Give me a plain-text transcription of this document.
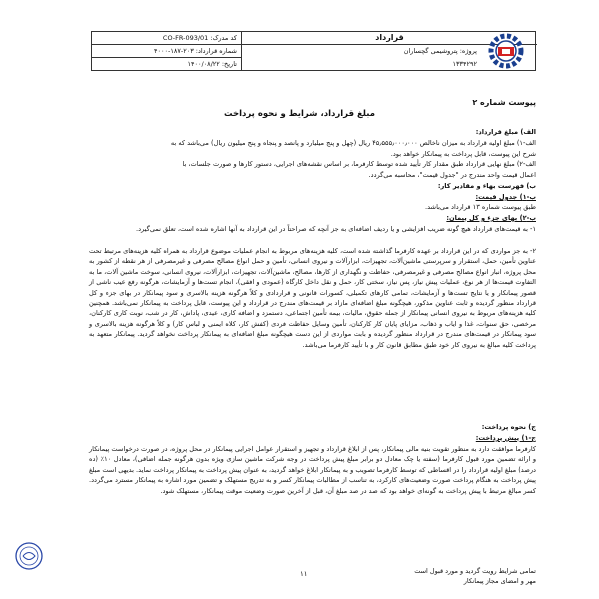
کد مدرک: CO-FR-093/01
شماره قرارداد: ۲۰۳-۱۸۷-۴۰۰۰
تاریخ: ۱۴۰۰/۰۸/۲۲
قرارداد
پروژه: پتروشیمی گچساران
۱۳۳۴۲۹۲
پیوست شماره ۲
مبلغ قرارداد، شرایط و نحوه پرداخت
الف) مبلغ قرارداد:
الف-۱) مبلغ اولیه قرارداد به میزان ناخالص ۴۵٫۵۵۵٫۰۰۰٫۰۰۰ ریال (چهل و پنج میلیارد و پانصد و پنجاه و پنج میلیون ریال) می‌باشد که به
شرح این پیوست، قابل پرداخت به پیمانکار خواهد بود.
الف-۲) مبلغ نهایی قرارداد طبق مقدار کار تأیید شده توسط کارفرما، بر اساس نقشه‌های اجرایی، دستور کارها و صورت جلسات، با
اعمال قیمت واحد مندرج در "جدول قیمت"، محاسبه می‌گردد.
ب) فهرست بهاء و مقادیر کار:
ب-۱) جدول قیمت:
طبق پیوست شماره ۱۳ قرارداد می‌باشد.
ب-۲) بهای جزء و کل پیمان:
۱- به قیمت‌های قرارداد هیچ گونه ضریب افزایشی و یا ردیف اضافه‌ای به جز آنچه که صراحتاً در این قرارداد به آنها اشاره شده است، تعلق نمی‌گیرد.
۲- به جز مواردی که در این قرارداد بر عهده کارفرما گذاشته شده است، کلیه هزینه‌های مربوط به انجام عملیات موضوع قرارداد به همراه کلیه هزینه‌های مرتبط تحت عناوین تأمین، حمل، استقرار و سرپرستی ماشین‌آلات، تجهیزات، ابزارآلات و نیروی انسانی، تأمین و حمل انواع مصالح مصرفی و غیرمصرفی از هر نقطه از کشور به محل پروژه، انبار انواع مصالح مصرفی و غیرمصرفی، حفاظت و نگهداری از کارها، مصالح، ماشین‌آلات، تجهیزات، ابزارآلات، نیروی انسانی، سوخت ماشین آلات، ما به التفاوت قیمت‌ها از هر نوع، عملیات پیش نیاز، پس نیاز، سختی کار، حمل و نقل داخل کارگاه (عمودی و افقی)، انجام تست‌ها و آزمایشات، هرگونه رفع عیب ناشی از قصور پیمانکار و یا نتایج تست‌ها و آزمایشات، تمامی کارهای تکمیلی، کسورات قانونی و قراردادی و کلاً هرگونه هزینه بالاسری و سود پیمانکار در بهای جزء و کل قرارداد منظور گردیده و ثابت عناوین مذکور، هیچگونه مبلغ اضافه‌ای مازاد بر قیمت‌های مندرج در قرارداد و این پیوست، قابل پرداخت به پیمانکار نمی‌باشد. همچنین کلیه هزینه‌های مربوط به نیروی انسانی پیمانکار از جمله حقوق، مالیات، بیمه تأمین اجتماعی، دستمزد و اضافه کاری، عیدی، پاداش، کار در شب، نوبت کاری کارکنان، مرخصی، حق سنوات، غذا و ایاب و ذهاب، مزایای پایان کار کارکنان، تأمین وسایل حفاظت فردی (کفش کار، کلاه ایمنی و لباس کار) و کلاً هرگونه هزینه بالاسری و سود پیمانکار در قیمت‌های مندرج در قرارداد منظور گردیده و بابت مواردی از این دست هیچگونه مبلغ اضافه‌ای به پیمانکار پرداخت نخواهد گردید. پیمانکار متعهد به پرداخت کلیه مبالغ به نیروی کار خود طبق مطابق قانون کار و با تأیید کارفرما می‌باشد.
ج) نحوه پرداخت:
ج-۱) پیش پرداخت:
کارفرما موافقت دارد به منظور تقویت بنیه مالی پیمانکار، پس از ابلاغ قرارداد و تجهیز و استقرار عوامل اجرایی پیمانکار در محل پروژه، در صورت درخواست پیمانکار و ارائه تضمین مورد قبول کارفرما (سفته یا چک معادل دو برابر مبلغ پیش پرداخت در وجه شرکت ماشین سازی ویژه بدون هرگونه جمله اضافی)، معادل ۱۰٪ (ده درصد) مبلغ اولیه قرارداد را در اقساطی که توسط کارفرما تصویب و به پیمانکار ابلاغ خواهد گردید، به عنوان پیش پرداخت به پیمانکار پرداخت نماید. بدیهی است مبلغ پیش پرداخت به هنگام پرداخت صورت وضعیت‌های کارکرد، به تناسب از مطالبات پیمانکار کسر و به تدریج مستهلک و تضمین مورد اشاره به پیمانکار مسترد می‌گردد. کسر مبالغ مرتبط با پیش پرداخت به گونه‌ای خواهد بود که صد در صد مبلغ آن، قبل از آخرین صورت وضعیت موقت پیمانکار، مستهلک شود.
۱۱	تمامی شرایط رویت گردید و مورد قبول است
مهر و امضای مجاز پیمانکار
